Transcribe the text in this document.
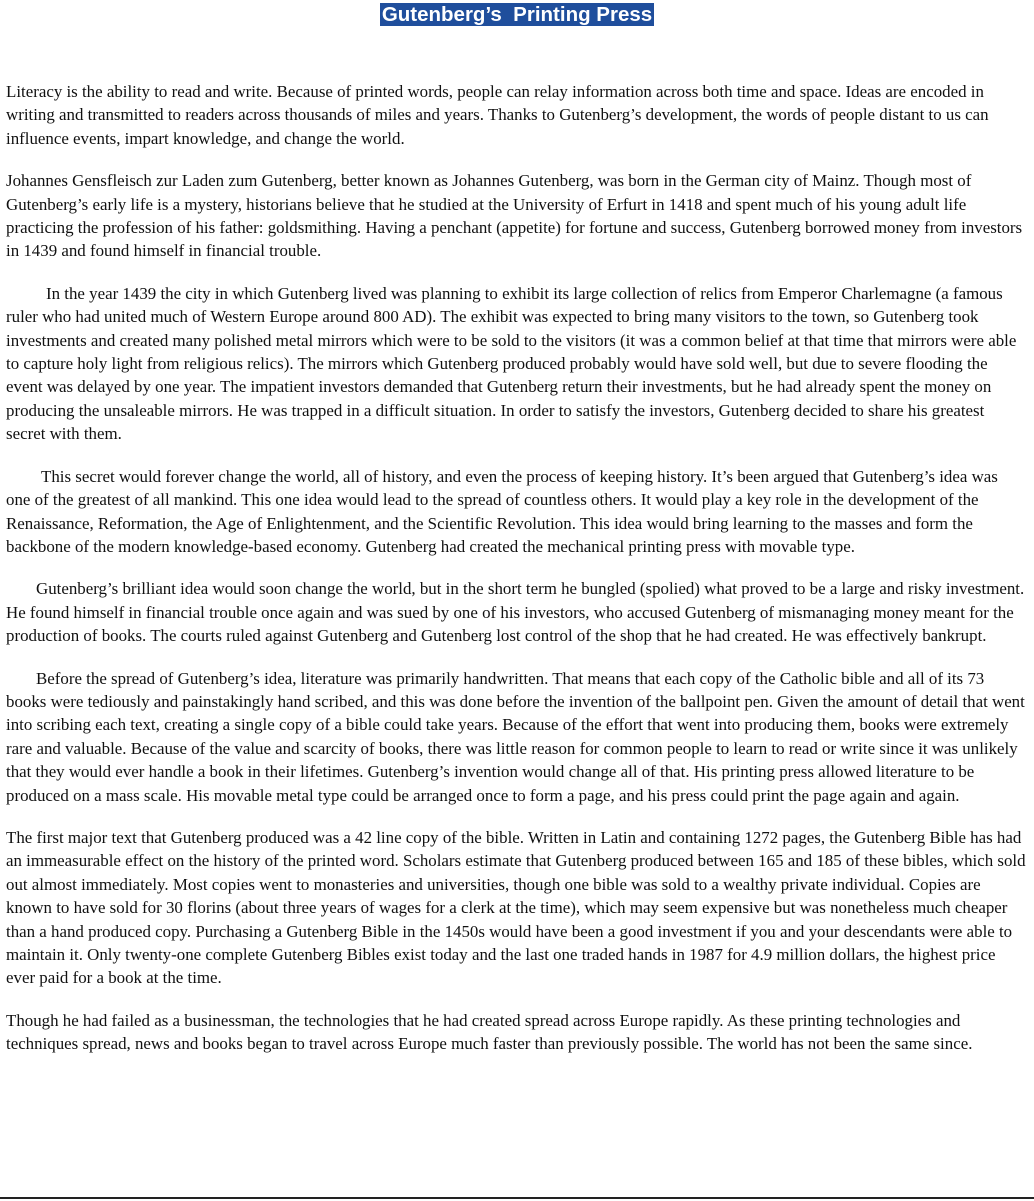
Gutenberg’s  Printing Press

Literacy is the ability to read and write. Because of printed words, people can relay information across both time and space. Ideas are encoded in writing and transmitted to readers across thousands of miles and years. Thanks to Gutenberg’s development, the words of people distant to us can influence events, impart knowledge, and change the world.

Johannes Gensfleisch zur Laden zum Gutenberg, better known as Johannes Gutenberg, was born in the German city of Mainz. Though most of Gutenberg’s early life is a mystery, historians believe that he studied at the University of Erfurt in 1418 and spent much of his young adult life practicing the profession of his father: goldsmithing. Having a penchant (appetite) for fortune and success, Gutenberg borrowed money from investors in 1439 and found himself in financial trouble.

In the year 1439 the city in which Gutenberg lived was planning to exhibit its large collection of relics from Emperor Charlemagne (a famous ruler who had united much of Western Europe around 800 AD). The exhibit was expected to bring many visitors to the town, so Gutenberg took investments and created many polished metal mirrors which were to be sold to the visitors (it was a common belief at that time that mirrors were able to capture holy light from religious relics). The mirrors which Gutenberg produced probably would have sold well, but due to severe flooding the event was delayed by one year. The impatient investors demanded that Gutenberg return their investments, but he had already spent the money on producing the unsaleable mirrors. He was trapped in a difficult situation. In order to satisfy the investors, Gutenberg decided to share his greatest secret with them.

This secret would forever change the world, all of history, and even the process of keeping history. It’s been argued that Gutenberg’s idea was one of the greatest of all mankind. This one idea would lead to the spread of countless others. It would play a key role in the development of the Renaissance, Reformation, the Age of Enlightenment, and the Scientific Revolution. This idea would bring learning to the masses and form the backbone of the modern knowledge-based economy. Gutenberg had created the mechanical printing press with movable type.

Gutenberg’s brilliant idea would soon change the world, but in the short term he bungled (spolied) what proved to be a large and risky investment. He found himself in financial trouble once again and was sued by one of his investors, who accused Gutenberg of mismanaging money meant for the production of books. The courts ruled against Gutenberg and Gutenberg lost control of the shop that he had created. He was effectively bankrupt.

Before the spread of Gutenberg’s idea, literature was primarily handwritten. That means that each copy of the Catholic bible and all of its 73 books were tediously and painstakingly hand scribed, and this was done before the invention of the ballpoint pen. Given the amount of detail that went into scribing each text, creating a single copy of a bible could take years. Because of the effort that went into producing them, books were extremely rare and valuable. Because of the value and scarcity of books, there was little reason for common people to learn to read or write since it was unlikely that they would ever handle a book in their lifetimes. Gutenberg’s invention would change all of that. His printing press allowed literature to be produced on a mass scale. His movable metal type could be arranged once to form a page, and his press could print the page again and again.

The first major text that Gutenberg produced was a 42 line copy of the bible. Written in Latin and containing 1272 pages, the Gutenberg Bible has had an immeasurable effect on the history of the printed word. Scholars estimate that Gutenberg produced between 165 and 185 of these bibles, which sold out almost immediately. Most copies went to monasteries and universities, though one bible was sold to a wealthy private individual. Copies are known to have sold for 30 florins (about three years of wages for a clerk at the time), which may seem expensive but was nonetheless much cheaper than a hand produced copy. Purchasing a Gutenberg Bible in the 1450s would have been a good investment if you and your descendants were able to maintain it. Only twenty-one complete Gutenberg Bibles exist today and the last one traded hands in 1987 for 4.9 million dollars, the highest price ever paid for a book at the time.

Though he had failed as a businessman, the technologies that he had created spread across Europe rapidly. As these printing technologies and techniques spread, news and books began to travel across Europe much faster than previously possible. The world has not been the same since.
